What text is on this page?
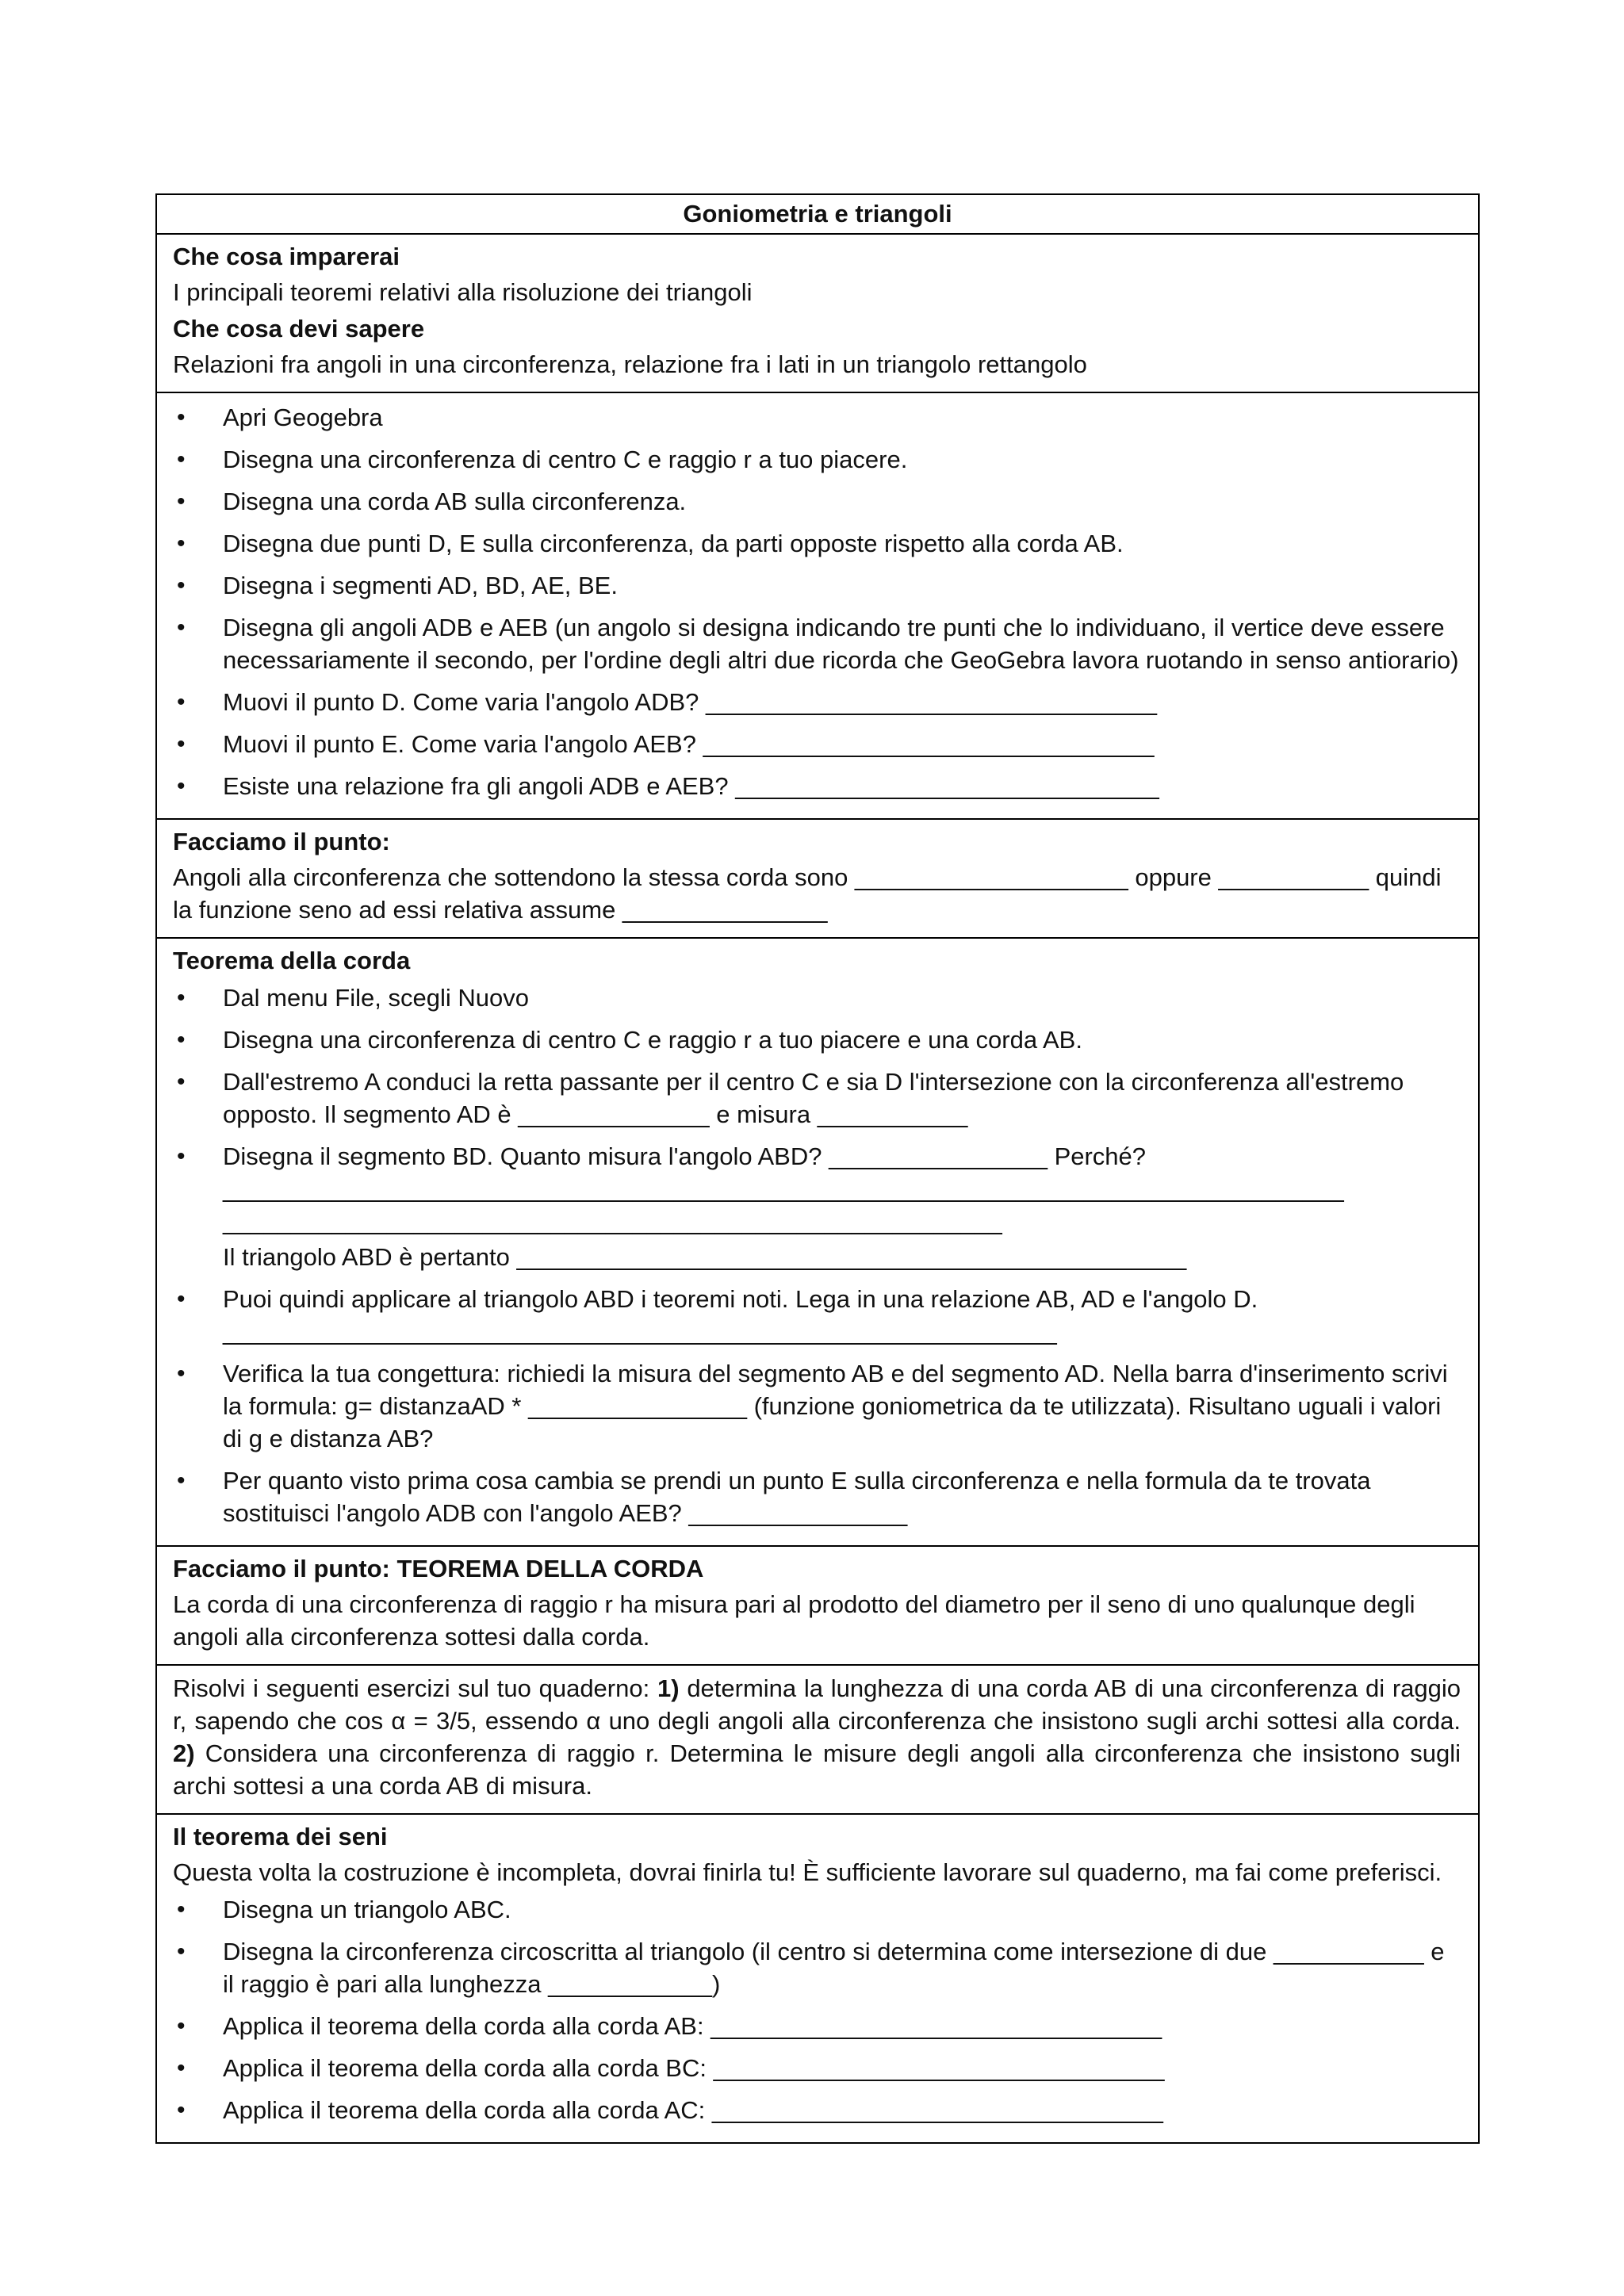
Goniometria e triangoli
Che cosa imparerai
I principali teoremi relativi alla risoluzione dei triangoli
Che cosa devi sapere
Relazioni fra angoli in una circonferenza, relazione fra i lati in un triangolo rettangolo
• Apri Geogebra
• Disegna una circonferenza di centro C e raggio r a tuo piacere.
• Disegna una corda AB sulla circonferenza.
• Disegna due punti D, E sulla circonferenza, da parti opposte rispetto alla corda AB.
• Disegna i segmenti AD, BD, AE, BE.
• Disegna gli angoli ADB e AEB (un angolo si designa indicando tre punti che lo individuano, il vertice deve essere necessariamente il secondo, per l'ordine degli altri due ricorda che GeoGebra lavora ruotando in senso antiorario)
• Muovi il punto D. Come varia l'angolo ADB? _________________________________
• Muovi il punto E. Come varia l'angolo AEB? _________________________________
• Esiste una relazione fra gli angoli ADB e AEB? _______________________________
Facciamo il punto:
Angoli alla circonferenza che sottendono la stessa corda sono ____________________ oppure ___________ quindi la funzione seno ad essi relativa assume _______________
Teorema della corda
• Dal menu File, scegli Nuovo
• Disegna una circonferenza di centro C e raggio r a tuo piacere e una corda AB.
• Dall'estremo A conduci la retta passante per il centro C e sia D l'intersezione con la circonferenza all'estremo opposto. Il segmento AD è ______________ e misura ___________
• Disegna il segmento BD. Quanto misura l'angolo ABD? ________________ Perché? __________________________________________________________________________________ _________________________________________________________
Il triangolo ABD è pertanto _________________________________________________
• Puoi quindi applicare al triangolo ABD i teoremi noti. Lega in una relazione AB, AD e l'angolo D. _____________________________________________________________
• Verifica la tua congettura: richiedi la misura del segmento AB e del segmento AD. Nella barra d'inserimento scrivi la formula: g= distanzaAD * ________________ (funzione goniometrica da te utilizzata). Risultano uguali i valori di g e distanza AB?
• Per quanto visto prima cosa cambia se prendi un punto E sulla circonferenza e nella formula da te trovata sostituisci l'angolo ADB con l'angolo AEB? ________________
Facciamo il punto: TEOREMA DELLA CORDA
La corda di una circonferenza di raggio r ha misura pari al prodotto del diametro per il seno di uno qualunque degli angoli alla circonferenza sottesi dalla corda.
Risolvi i seguenti esercizi sul tuo quaderno: 1) determina la lunghezza di una corda AB di una circonferenza di raggio r, sapendo che cos α = 3/5, essendo α uno degli angoli alla circonferenza che insistono sugli archi sottesi alla corda. 2) Considera una circonferenza di raggio r. Determina le misure degli angoli alla circonferenza che insistono sugli archi sottesi a una corda AB di misura.
Il teorema dei seni
Questa volta la costruzione è incompleta, dovrai finirla tu! È sufficiente lavorare sul quaderno, ma fai come preferisci.
• Disegna un triangolo ABC.
• Disegna la circonferenza circoscritta al triangolo (il centro si determina come intersezione di due ___________ e il raggio è pari alla lunghezza ____________)
• Applica il teorema della corda alla corda AB: _________________________________
• Applica il teorema della corda alla corda BC: _________________________________
• Applica il teorema della corda alla corda AC: _________________________________
